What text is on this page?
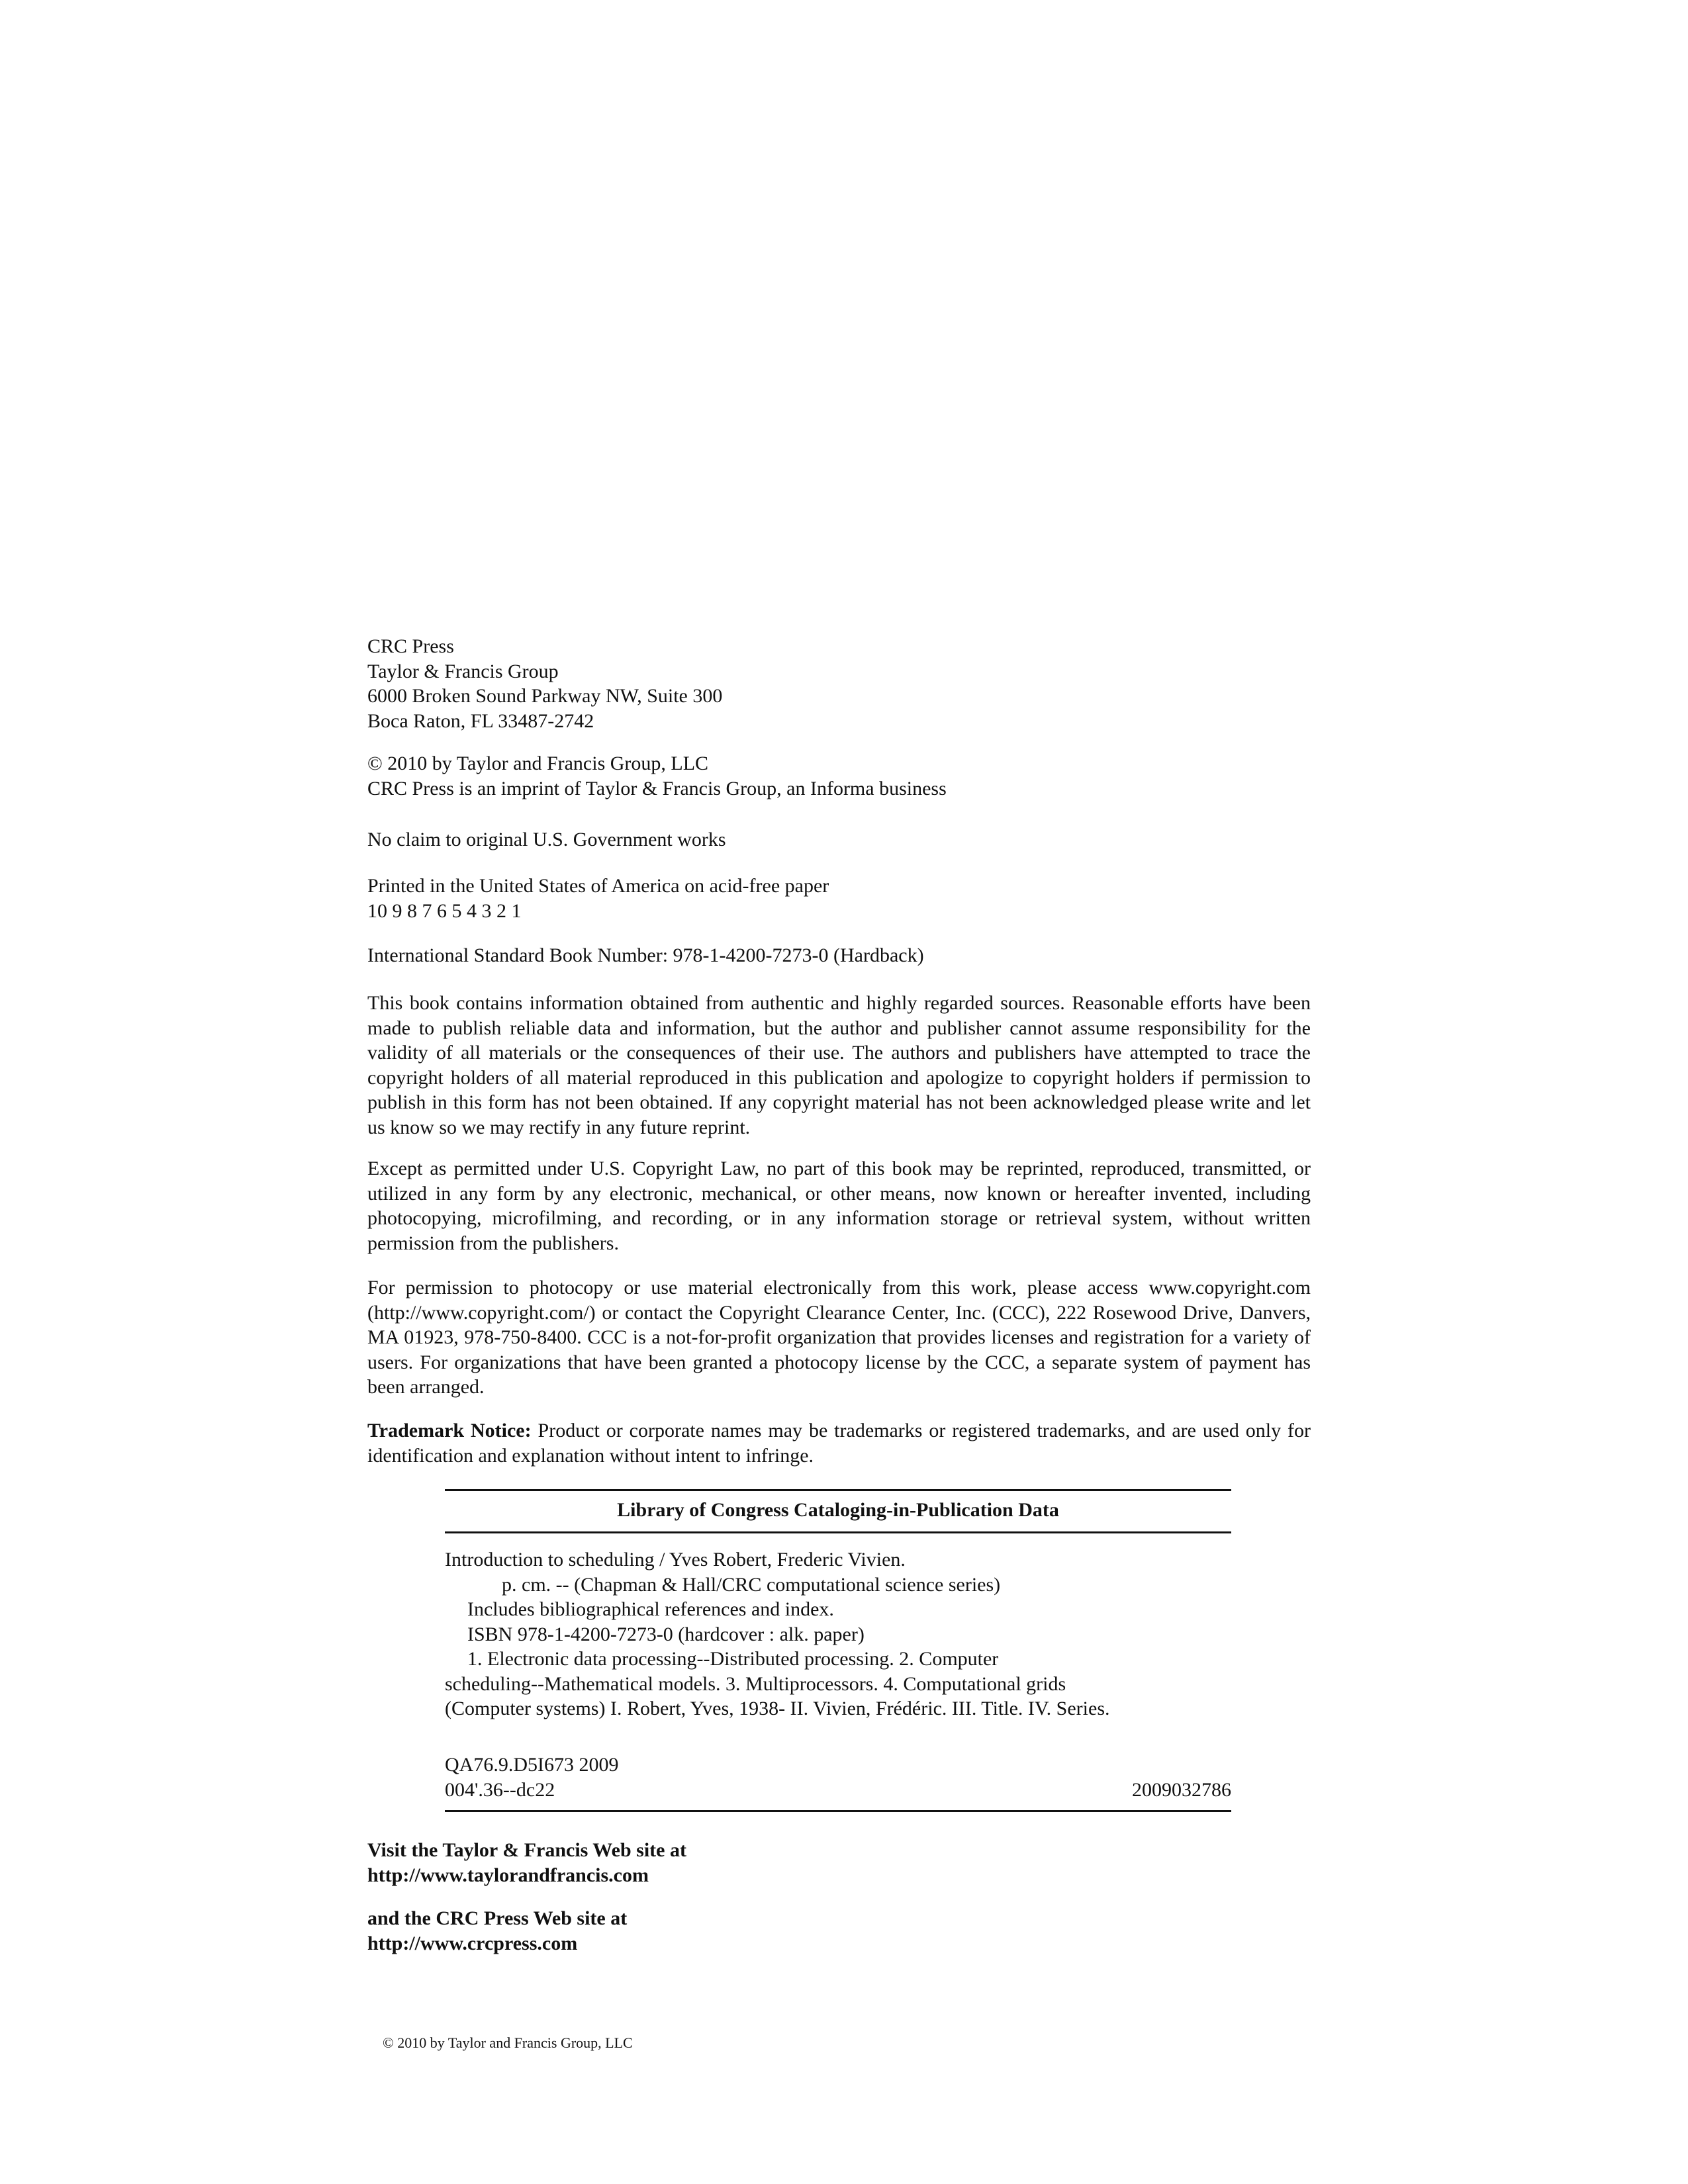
CRC Press

Taylor & Francis Group

6000 Broken Sound Parkway NW, Suite 300

Boca Raton, FL 33487-2742

© 2010 by Taylor and Francis Group, LLC

CRC Press is an imprint of Taylor & Francis Group, an Informa business

No claim to original U.S. Government works

Printed in the United States of America on acid-free paper

10 9 8 7 6 5 4 3 2 1

International Standard Book Number: 978-1-4200-7273-0 (Hardback)

This book contains information obtained from authentic and highly regarded sources. Reasonable efforts have been made to publish reliable data and information, but the author and publisher cannot assume responsibility for the validity of all materials or the consequences of their use. The authors and publishers have attempted to trace the copyright holders of all material reproduced in this publication and apologize to copyright holders if permission to publish in this form has not been obtained. If any copyright material has not been acknowledged please write and let us know so we may rectify in any future reprint.

Except as permitted under U.S. Copyright Law, no part of this book may be reprinted, reproduced, transmitted, or utilized in any form by any electronic, mechanical, or other means, now known or hereafter invented, including photocopying, microfilming, and recording, or in any information storage or retrieval system, without written permission from the publishers.

For permission to photocopy or use material electronically from this work, please access www.copyright.com (http://www.copyright.com/) or contact the Copyright Clearance Center, Inc. (CCC), 222 Rosewood Drive, Danvers, MA 01923, 978-750-8400. CCC is a not-for-profit organization that provides licenses and registration for a variety of users. For organizations that have been granted a photocopy license by the CCC, a separate system of payment has been arranged.

Trademark Notice: Product or corporate names may be trademarks or registered trademarks, and are used only for identification and explanation without intent to infringe.

Library of Congress Cataloging-in-Publication Data

Introduction to scheduling / Yves Robert, Frederic Vivien.

p. cm. -- (Chapman & Hall/CRC computational science series)

Includes bibliographical references and index.

ISBN 978-1-4200-7273-0 (hardcover : alk. paper)

1. Electronic data processing--Distributed processing. 2. Computer

scheduling--Mathematical models. 3. Multiprocessors. 4. Computational grids

(Computer systems) I. Robert, Yves, 1938- II. Vivien, Frédéric. III. Title. IV. Series.

QA76.9.D5I673 2009

004'.36--dc22	2009032786

Visit the Taylor & Francis Web site at

http://www.taylorandfrancis.com

and the CRC Press Web site at

http://www.crcpress.com

© 2010 by Taylor and Francis Group, LLC
